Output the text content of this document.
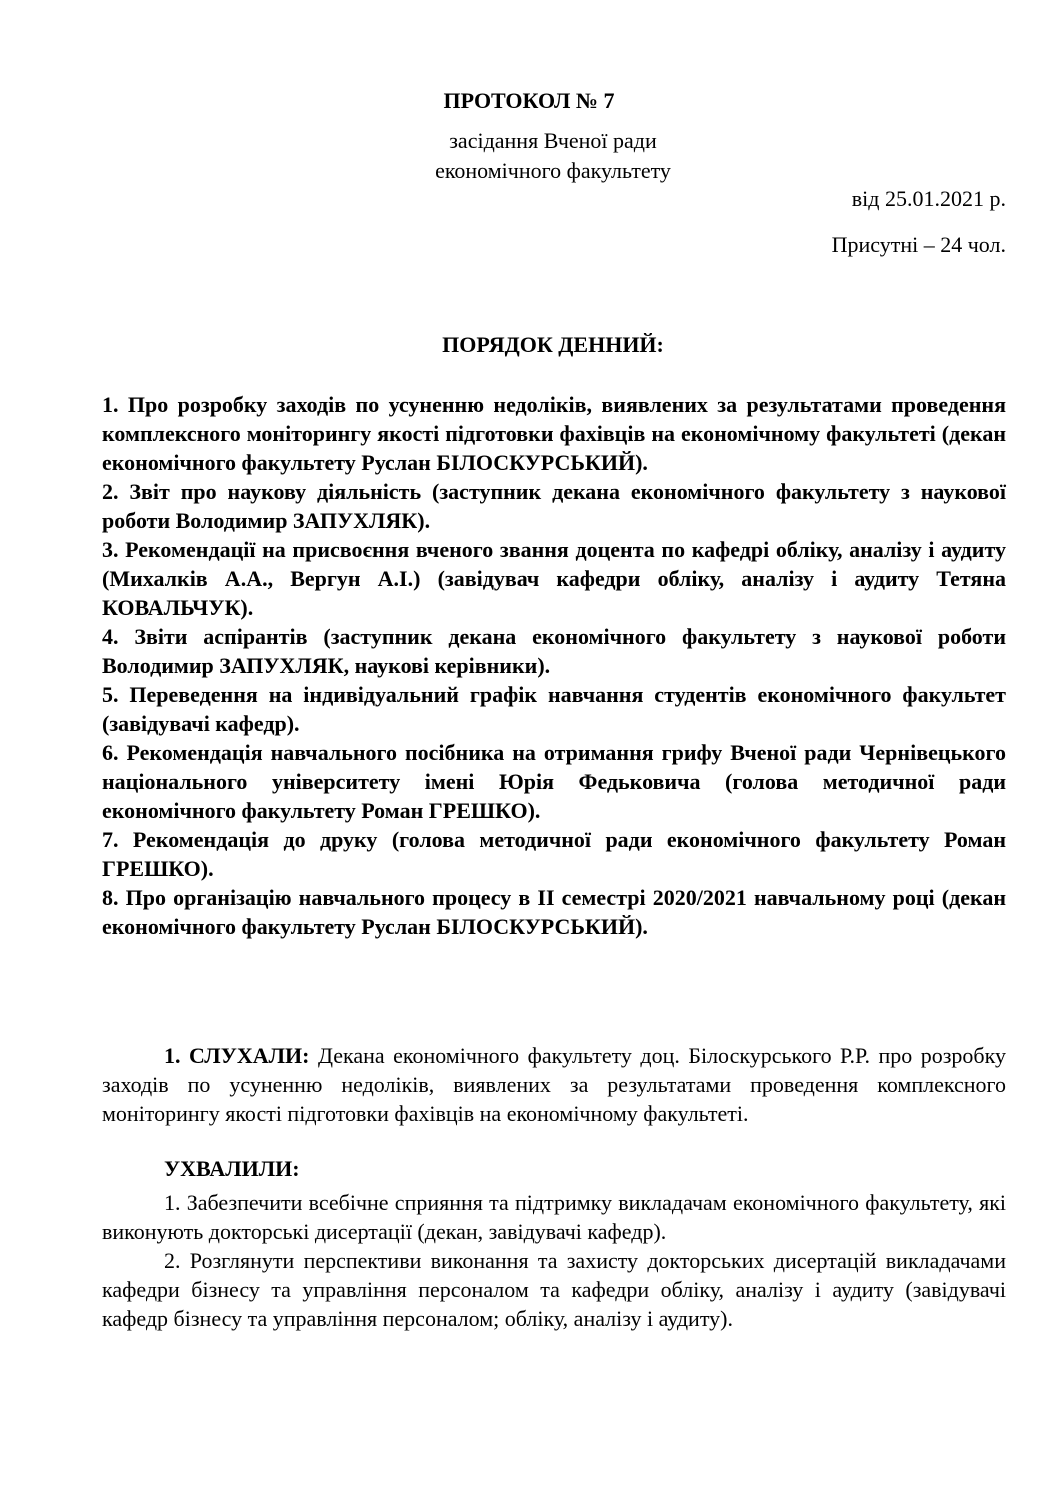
ПРОТОКОЛ № 7
засідання Вченої ради
економічного факультету
від 25.01.2021 р.
Присутні – 24 чол.
ПОРЯДОК ДЕННИЙ:
1. Про розробку заходів по усуненню недоліків, виявлених за результатами проведення комплексного моніторингу якості підготовки фахівців на економічному факультеті (декан економічного факультету Руслан БІЛОСКУРСЬКИЙ).
2. Звіт про наукову діяльність (заступник декана економічного факультету з наукової роботи Володимир ЗАПУХЛЯК).
3. Рекомендації на присвоєння вченого звання доцента по кафедрі обліку, аналізу і аудиту (Михалків А.А., Вергун А.І.) (завідувач кафедри обліку, аналізу і аудиту Тетяна КОВАЛЬЧУК).
4. Звіти аспірантів (заступник декана економічного факультету з наукової роботи Володимир ЗАПУХЛЯК, наукові керівники).
5. Переведення на індивідуальний графік навчання студентів економічного факультет (завідувачі кафедр).
6. Рекомендація навчального посібника на отримання грифу Вченої ради Чернівецького національного університету імені Юрія Федьковича (голова методичної ради економічного факультету Роман ГРЕШКО).
7. Рекомендація до друку (голова методичної ради економічного факультету Роман ГРЕШКО).
8. Про організацію навчального процесу в ІІ семестрі 2020/2021 навчальному році (декан економічного факультету Руслан БІЛОСКУРСЬКИЙ).

1. СЛУХАЛИ: Декана економічного факультету доц. Білоскурського Р.Р. про розробку заходів по усуненню недоліків, виявлених за результатами проведення комплексного моніторингу якості підготовки фахівців на економічному факультеті.

УХВАЛИЛИ:

1. Забезпечити всебічне сприяння та підтримку викладачам економічного факультету, які виконують докторські дисертації (декан, завідувачі кафедр).

2. Розглянути перспективи виконання та захисту докторських дисертацій викладачами кафедри бізнесу та управління персоналом та кафедри обліку, аналізу і аудиту (завідувачі кафедр бізнесу та управління персоналом; обліку, аналізу і аудиту).
